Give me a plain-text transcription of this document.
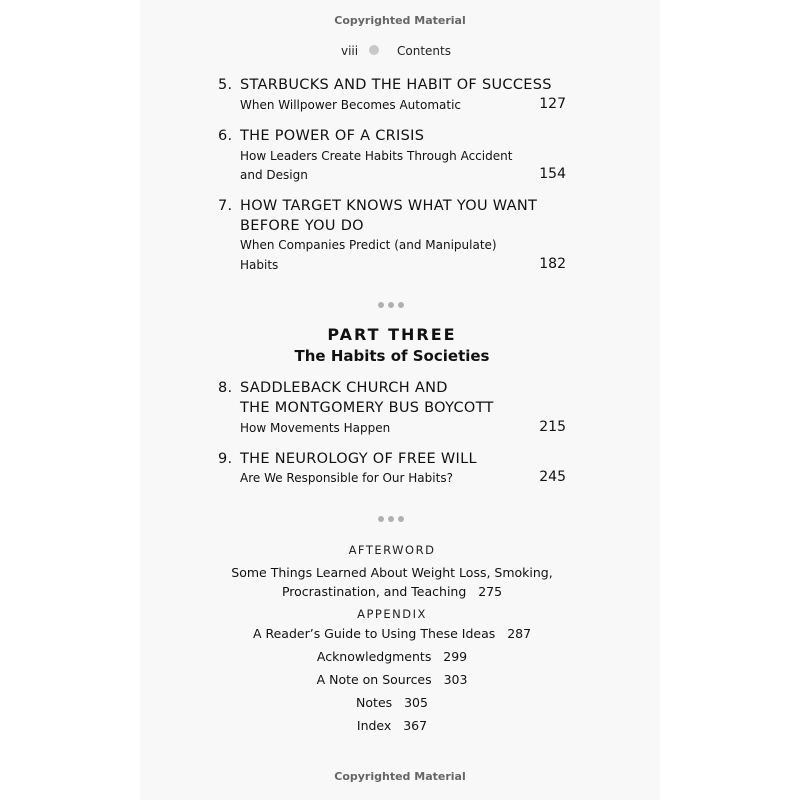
Copyrighted Material
viii	Contents
5. STARBUCKS AND THE HABIT OF SUCCESS
When Willpower Becomes Automatic	127
6. THE POWER OF A CRISIS
How Leaders Create Habits Through Accident
and Design	154
7. HOW TARGET KNOWS WHAT YOU WANT
BEFORE YOU DO
When Companies Predict (and Manipulate)
Habits	182
PART THREE
The Habits of Societies
8. SADDLEBACK CHURCH AND
THE MONTGOMERY BUS BOYCOTT
How Movements Happen	215
9. THE NEUROLOGY OF FREE WILL
Are We Responsible for Our Habits?	245
AFTERWORD
Some Things Learned About Weight Loss, Smoking,
Procrastination, and Teaching 275
APPENDIX
A Reader’s Guide to Using These Ideas 287
Acknowledgments 299
A Note on Sources 303
Notes 305
Index 367
Copyrighted Material
